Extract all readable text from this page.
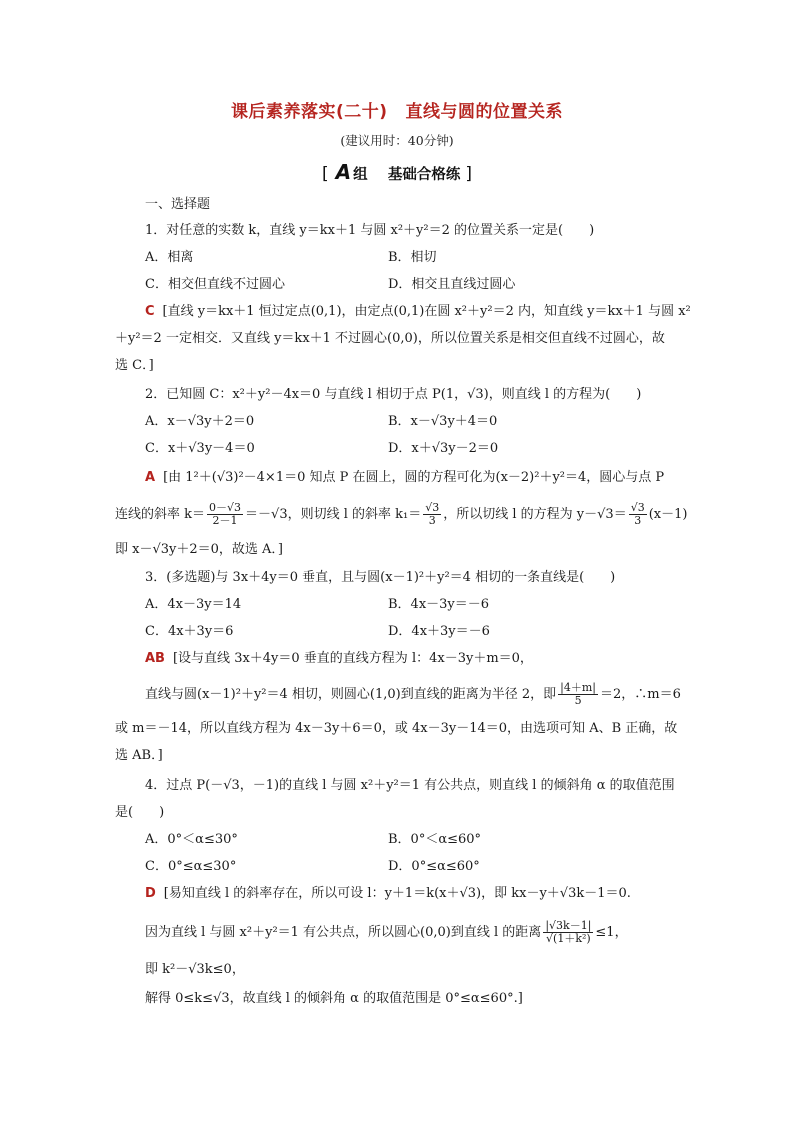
课后素养落实(二十) 直线与圆的位置关系
(建议用时：40分钟)
[ A 组    基础合格练 ]
一、选择题
1．对任意的实数 k，直线 y＝kx＋1 与圆 x²＋y²＝2 的位置关系一定是(　　)
A．相离	B．相切
C．相交但直线不过圆心	D．相交且直线过圆心
C [直线 y＝kx＋1 恒过定点(0,1)，由定点(0,1)在圆 x²＋y²＝2 内，知直线 y＝kx＋1 与圆 x²
＋y²＝2 一定相交．又直线 y＝kx＋1 不过圆心(0,0)，所以位置关系是相交但直线不过圆心，故
选 C．]
2．已知圆 C：x²＋y²－4x＝0 与直线 l 相切于点 P(1，√3)，则直线 l 的方程为(　　)
A．x－√3y＋2＝0	B．x－√3y＋4＝0
C．x＋√3y－4＝0	D．x＋√3y－2＝0
A [由 1²＋(√3)²－4×1＝0 知点 P 在圆上，圆的方程可化为(x－2)²＋y²＝4，圆心与点 P
连线的斜率 $k= \frac{0-√3}{2-1} =-√3$，则切线 l 的斜率 $k_1= \frac{√3}{3}$ ，所以切线 l 的方程为 $y-√3= \frac{√3}{3} (x-1)$
即 x－√3y＋2＝0，故选 A．]
3．(多选题)与 3x＋4y＝0 垂直，且与圆(x－1)²＋y²＝4 相切的一条直线是(　　)
A．4x－3y＝14	B．4x－3y＝－6
C．4x＋3y＝6	D．4x＋3y＝－6
AB [设与直线 3x＋4y＝0 垂直的直线方程为 l：4x－3y＋m＝0，
直线与圆(x－1)²＋y²＝4 相切，则圆心(1,0)到直线的距离为半径 2，即 $\frac{|4+m|}{5} =2$，∴m＝6
或 m＝－14，所以直线方程为 4x－3y＋6＝0，或 4x－3y－14＝0，由选项可知 A、B 正确，故
选 AB．]
4．过点 P(－√3，－1)的直线 l 与圆 x²＋y²＝1 有公共点，则直线 l 的倾斜角 α 的取值范围
是(　　)
A．0°＜α≤30°	B．0°＜α≤60°
C．0°≤α≤30°	D．0°≤α≤60°
D [易知直线 l 的斜率存在，所以可设 l：y＋1＝k(x＋√3)，即 kx－y＋√3k－1＝0.
因为直线 l 与圆 x²＋y²＝1 有公共点，所以圆心(0,0)到直线 l 的距离 $\frac{|√3k-1|}{\text{√(1＋k²)}} \le 1$，
即 k²－√3k≤0，
解得 0≤k≤√3，故直线 l 的倾斜角 α 的取值范围是 0°≤α≤60°.]
